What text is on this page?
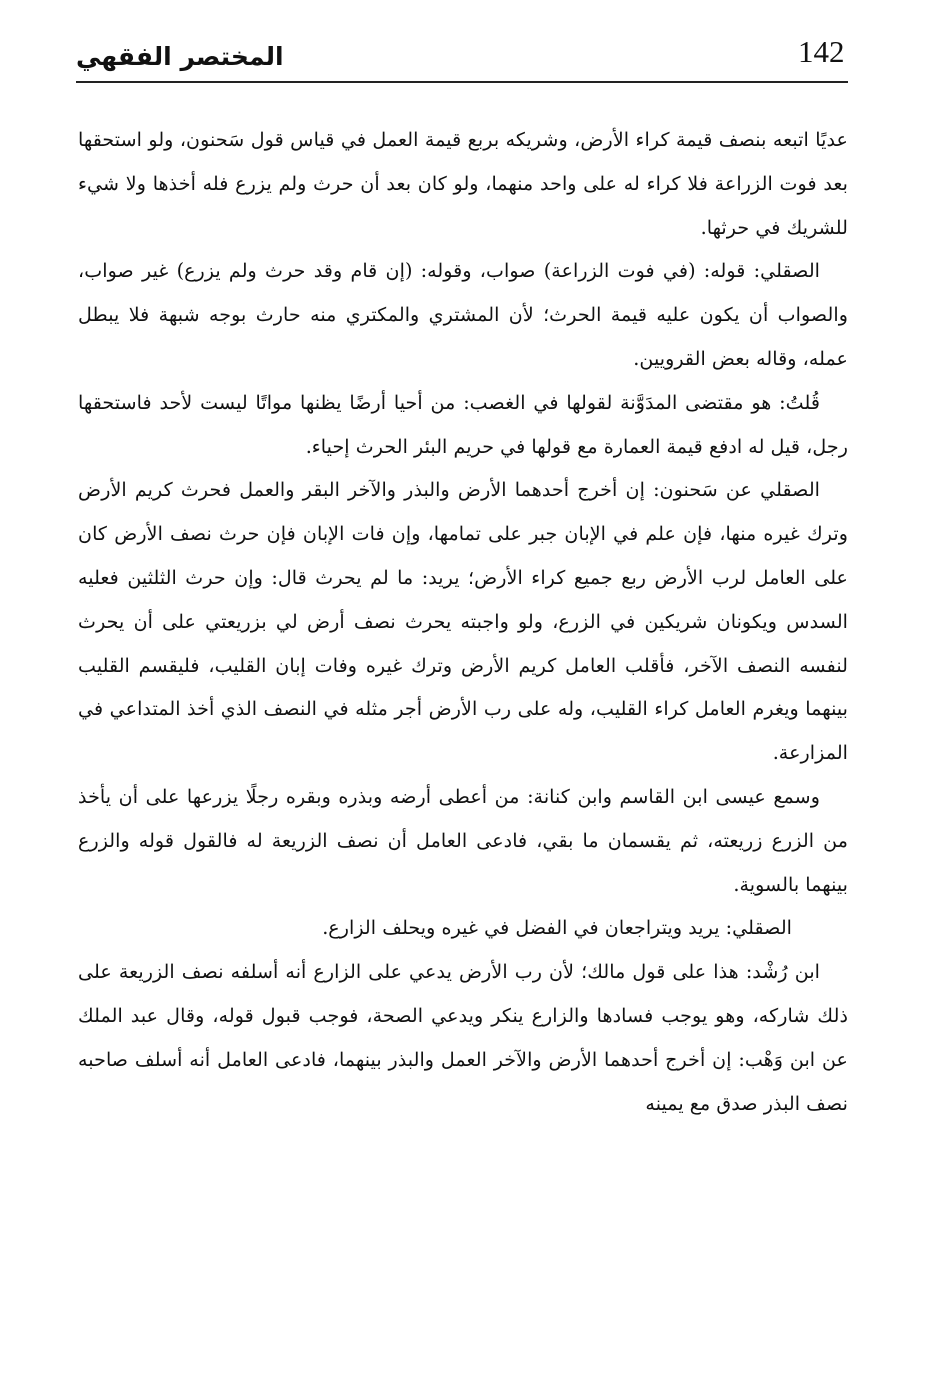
142
المختصر الفقهي

عديًا اتبعه بنصف قيمة كراء الأرض، وشريكه بربع قيمة العمل في قياس قول سَحنون، ولو استحقها بعد فوت الزراعة فلا كراء له على واحد منهما، ولو كان بعد أن حرث ولم يزرع فله أخذها ولا شيء للشريك في حرثها.

الصقلي: قوله: (في فوت الزراعة) صواب، وقوله: (إن قام وقد حرث ولم يزرع) غير صواب، والصواب أن يكون عليه قيمة الحرث؛ لأن المشتري والمكتري منه حارث بوجه شبهة فلا يبطل عمله، وقاله بعض القرويين.

قُلتُ: هو مقتضى المدَوَّنة لقولها في الغصب: من أحيا أرضًا يظنها مواتًا ليست لأحد فاستحقها رجل، قيل له ادفع قيمة العمارة مع قولها في حريم البئر الحرث إحياء.

الصقلي عن سَحنون: إن أخرج أحدهما الأرض والبذر والآخر البقر والعمل فحرث كريم الأرض وترك غيره منها، فإن علم في الإبان جبر على تمامها، وإن فات الإبان فإن حرث نصف الأرض كان على العامل لرب الأرض ربع جميع كراء الأرض؛ يريد: ما لم يحرث قال: وإن حرث الثلثين فعليه السدس ويكونان شريكين في الزرع، ولو واجبته يحرث نصف أرض لي بزريعتي على أن يحرث لنفسه النصف الآخر، فأقلب العامل كريم الأرض وترك غيره وفات إبان القليب، فليقسم القليب بينهما ويغرم العامل كراء القليب، وله على رب الأرض أجر مثله في النصف الذي أخذ المتداعي في المزارعة.

وسمع عيسى ابن القاسم وابن كنانة: من أعطى أرضه وبذره وبقره رجلًا يزرعها على أن يأخذ من الزرع زريعته، ثم يقسمان ما بقي، فادعى العامل أن نصف الزريعة له فالقول قوله والزرع بينهما بالسوية.

الصقلي: يريد ويتراجعان في الفضل في غيره ويحلف الزارع.

ابن رُشْد: هذا على قول مالك؛ لأن رب الأرض يدعي على الزارع أنه أسلفه نصف الزريعة على ذلك شاركه، وهو يوجب فسادها والزارع ينكر ويدعي الصحة، فوجب قبول قوله، وقال عبد الملك عن ابن وَهْب: إن أخرج أحدهما الأرض والآخر العمل والبذر بينهما، فادعى العامل أنه أسلف صاحبه نصف البذر صدق مع يمينه
